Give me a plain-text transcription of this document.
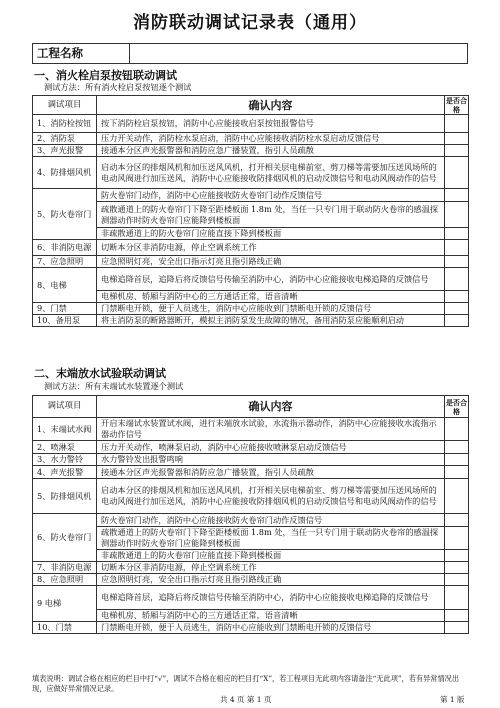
消防联动调试记录表（通用）
工程名称	
一、消火栓启泵按钮联动调试
测试方法：所有消火栓启泵按钮逐个测试
调试项目	确认内容	是否合格
1、消防栓按钮	按下消防栓启泵按钮，消防中心应能接收启泵按钮报警信号	
2、消防泵	压力开关动作，消防栓水泵启动，消防中心应能接收消防栓水泵启动反馈信号	
3、声光报警	接通本分区声光报警器和消防应急广播装置，指引人员疏散	
4、防排烟风机	启动本分区的排烟风机和加压送风风机，打开相关层电梯前室、剪刀梯等需要加压送风场所的电动风阀进行加压送风，消防中心应能接收防排烟风机的启动反馈信号和电动风阀动作的信号	
5、防火卷帘门	防火卷帘门动作，消防中心应能接收防火卷帘门动作反馈信号	
	疏散通道上的防火卷帘门下降至距楼板面 1.8m 处，当任一只专门用于联动防火卷帘的感温探测器动作时防火卷帘门应能降到楼板面	
	非疏散通道上的防火卷帘门应能直接下降到楼板面	
6、非消防电源	切断本分区非消防电源，停止空调系统工作	
7、应急照明	应急照明灯亮，安全出口指示灯亮且指引路线正确	
8、电梯	电梯追降首层，追降后将反馈信号传输至消防中心，消防中心应能接收电梯追降的反馈信号	
	电梯机房、轿厢与消防中心的三方通话正常，语音清晰	
9、门禁	门禁断电开锁，便于人员逃生，消防中心应能收到门禁断电开锁的反馈信号	
10、备用泵	将主消防泵的断路器断开，模拟主消防泵发生故障的情况，备用消防泵应能顺利启动	
二、末端放水试验联动调试
测试方法：所有末端试水装置逐个测试
调试项目	确认内容	是否合格
1、末端试水阀	开启末端试水装置试水阀，进行末端放水试验，水流指示器动作，消防中心应能接收水流指示器动作信号	
2、喷淋泵	压力开关动作，喷淋泵启动，消防中心应能接收喷淋泵启动反馈信号	
3、水力警铃	水力警铃发出报警鸣响	
4、声光报警	接通本分区声光报警器和消防应急广播装置，指引人员疏散	
5、防排烟风机	启动本分区的排烟风机和加压送风风机，打开相关层电梯前室、剪刀梯等需要加压送风场所的电动风阀进行加压送风，消防中心应能接收防排烟风机的启动反馈信号和电动风阀动作的信号	
6、防火卷帘门	防火卷帘门动作，消防中心应能接收防火卷帘门动作反馈信号	
	疏散通道上的防火卷帘门下降至距楼板面 1.8m 处，当任一只专门用于联动防火卷帘的感温探测器动作时防火卷帘门应能降到楼板面	
	非疏散通道上的防火卷帘门应能直接下降到楼板面	
7、非消防电源	切断本分区非消防电源，停止空调系统工作	
8、应急照明	应急照明灯亮，安全出口指示灯亮且指引路线正确	
9 电梯	电梯追降首层，追降后将反馈信号传输至消防中心，消防中心应能接收电梯追降的反馈信号	
	电梯机房、轿厢与消防中心的三方通话正常，语音清晰	
10、门禁	门禁断电开锁，便于人员逃生，消防中心应能收到门禁断电开锁的反馈信号	
填表说明：调试合格在相应的栏目中打“√”，调试不合格在相应的栏目打“X”，若工程项目无此项内容请备注“无此项”，若有异常情况出现，应做好异常情况记录。
共 4 页 第 1 页	第 1 版
